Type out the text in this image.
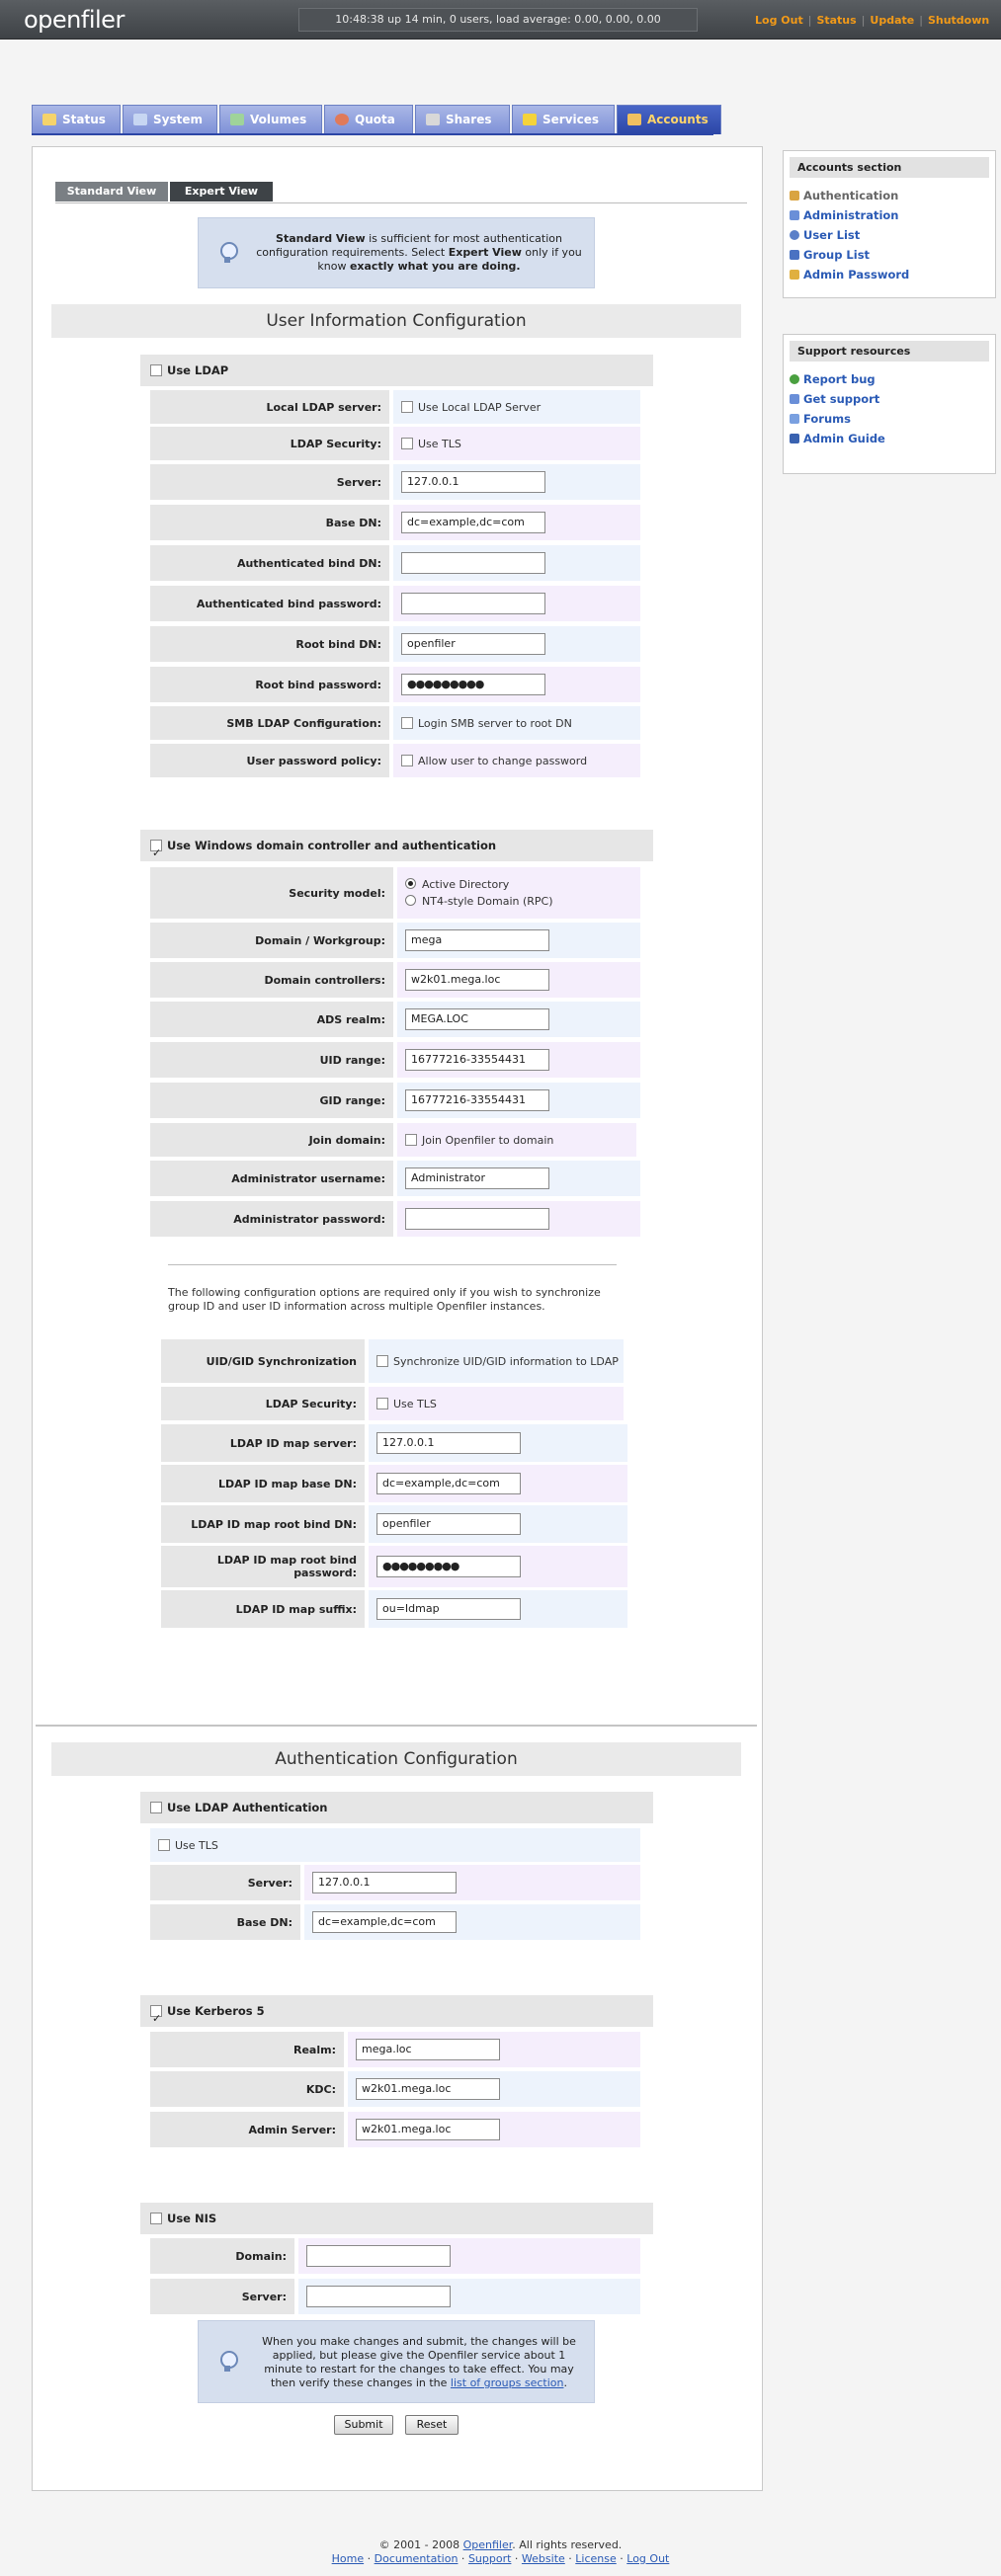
openfiler	10:48:38 up 14 min, 0 users, load average: 0.00, 0.00, 0.00	Log Out | Status | Update | Shutdown
Status	System	Volumes	Quota	Shares	Services	Accounts
Accounts section
Authentication
Administration
User List
Group List
Admin Password
Support resources
Report bug
Get support
Forums
Admin Guide
Standard View	Expert View
Standard View is sufficient for most authentication configuration requirements. Select Expert View only if you know exactly what you are doing.
User Information Configuration
Use LDAP
Local LDAP server:	Use Local LDAP Server
LDAP Security:	Use TLS
Server:	127.0.0.1
Base DN:	dc=example,dc=com
Authenticated bind DN:
Authenticated bind password:
Root bind DN:	openfiler
Root bind password:	●●●●●●●●●
SMB LDAP Configuration:	Login SMB server to root DN
User password policy:	Allow user to change password
✓Use Windows domain controller and authentication
Security model:
Active Directory
NT4-style Domain (RPC)
Domain / Workgroup:	mega
Domain controllers:	w2k01.mega.loc
ADS realm:	MEGA.LOC
UID range:	16777216-33554431
GID range:	16777216-33554431
Join domain:	Join Openfiler to domain
Administrator username:	Administrator
Administrator password:
The following configuration options are required only if you wish to synchronize group ID and user ID information across multiple Openfiler instances.
UID/GID Synchronization	Synchronize UID/GID information to LDAP
LDAP Security:	Use TLS
LDAP ID map server:	127.0.0.1
LDAP ID map base DN:	dc=example,dc=com
LDAP ID map root bind DN:	openfiler
LDAP ID map root bind password:
●●●●●●●●●
LDAP ID map suffix:	ou=Idmap
Authentication Configuration
Use LDAP Authentication
Use TLS
Server:	127.0.0.1
Base DN:	dc=example,dc=com
✓Use Kerberos 5
Realm:	mega.loc
KDC:	w2k01.mega.loc
Admin Server:	w2k01.mega.loc
Use NIS
Domain:
Server:
When you make changes and submit, the changes will be applied, but please give the Openfiler service about 1 minute to restart for the changes to take effect. You may then verify these changes in the list of groups section.
Submit	Reset
© 2001 - 2008 Openfiler. All rights reserved.
Home · Documentation · Support · Website · License · Log Out
